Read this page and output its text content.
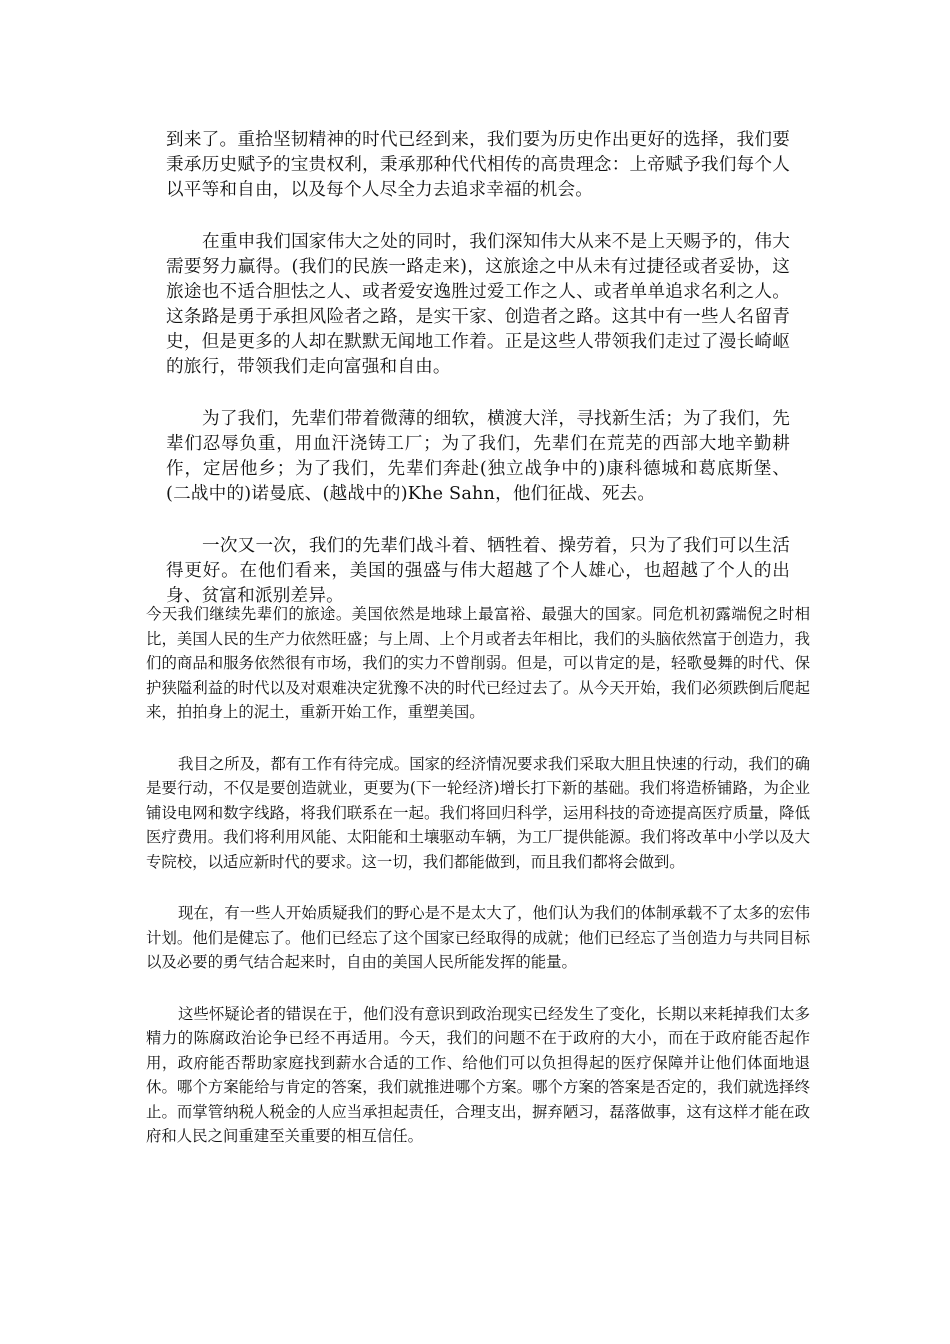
到来了。重拾坚韧精神的时代已经到来，我们要为历史作出更好的选择，我们要秉承历史赋予的宝贵权利，秉承那种代代相传的高贵理念：上帝赋予我们每个人以平等和自由，以及每个人尽全力去追求幸福的机会。

在重申我们国家伟大之处的同时，我们深知伟大从来不是上天赐予的，伟大需要努力赢得。(我们的民族一路走来)，这旅途之中从未有过捷径或者妥协，这旅途也不适合胆怯之人、或者爱安逸胜过爱工作之人、或者单单追求名利之人。这条路是勇于承担风险者之路，是实干家、创造者之路。这其中有一些人名留青史，但是更多的人却在默默无闻地工作着。正是这些人带领我们走过了漫长崎岖的旅行，带领我们走向富强和自由。

为了我们，先辈们带着微薄的细软，横渡大洋，寻找新生活；为了我们，先辈们忍辱负重，用血汗浇铸工厂；为了我们，先辈们在荒芜的西部大地辛勤耕作，定居他乡；为了我们，先辈们奔赴(独立战争中的)康科德城和葛底斯堡、(二战中的)诺曼底、(越战中的)Khe Sahn，他们征战、死去。

一次又一次，我们的先辈们战斗着、牺牲着、操劳着，只为了我们可以生活得更好。在他们看来，美国的强盛与伟大超越了个人雄心，也超越了个人的出身、贫富和派别差异。

今天我们继续先辈们的旅途。美国依然是地球上最富裕、最强大的国家。同危机初露端倪之时相比，美国人民的生产力依然旺盛；与上周、上个月或者去年相比，我们的头脑依然富于创造力，我们的商品和服务依然很有市场，我们的实力不曾削弱。但是，可以肯定的是，轻歌曼舞的时代、保护狭隘利益的时代以及对艰难决定犹豫不决的时代已经过去了。从今天开始，我们必须跌倒后爬起来，拍拍身上的泥土，重新开始工作，重塑美国。

我目之所及，都有工作有待完成。国家的经济情况要求我们采取大胆且快速的行动，我们的确是要行动，不仅是要创造就业，更要为(下一轮经济)增长打下新的基础。我们将造桥铺路，为企业铺设电网和数字线路，将我们联系在一起。我们将回归科学，运用科技的奇迹提高医疗质量，降低医疗费用。我们将利用风能、太阳能和土壤驱动车辆，为工厂提供能源。我们将改革中小学以及大专院校，以适应新时代的要求。这一切，我们都能做到，而且我们都将会做到。

现在，有一些人开始质疑我们的野心是不是太大了，他们认为我们的体制承载不了太多的宏伟计划。他们是健忘了。他们已经忘了这个国家已经取得的成就；他们已经忘了当创造力与共同目标以及必要的勇气结合起来时，自由的美国人民所能发挥的能量。

这些怀疑论者的错误在于，他们没有意识到政治现实已经发生了变化，长期以来耗掉我们太多精力的陈腐政治论争已经不再适用。今天，我们的问题不在于政府的大小，而在于政府能否起作用，政府能否帮助家庭找到薪水合适的工作、给他们可以负担得起的医疗保障并让他们体面地退休。哪个方案能给与肯定的答案，我们就推进哪个方案。哪个方案的答案是否定的，我们就选择终止。而掌管纳税人税金的人应当承担起责任，合理支出，摒弃陋习，磊落做事，这有这样才能在政府和人民之间重建至关重要的相互信任。
